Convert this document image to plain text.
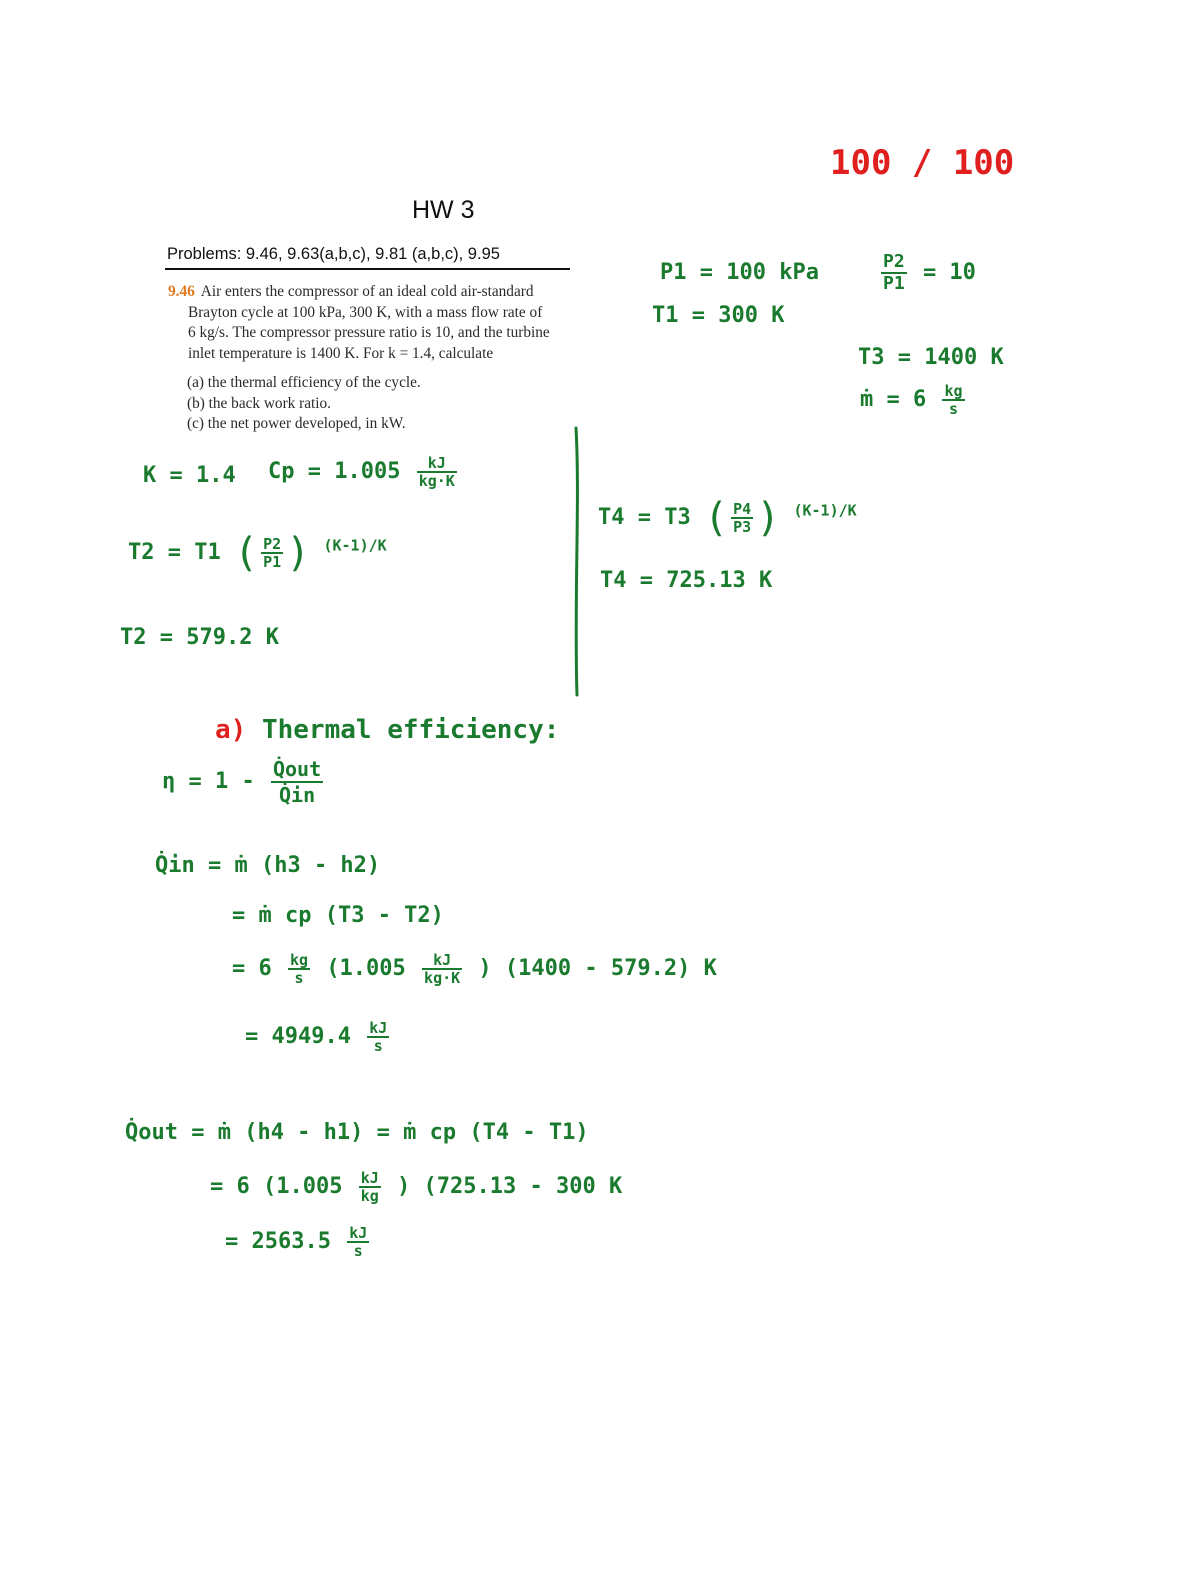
100 / 100
HW 3
Problems: 9.46, 9.63(a,b,c), 9.81 (a,b,c), 9.95
9.46 Air enters the compressor of an ideal cold air-standard
Brayton cycle at 100 kPa, 300 K, with a mass flow rate of
6 kg/s. The compressor pressure ratio is 10, and the turbine
inlet temperature is 1400 K. For k = 1.4, calculate
(a) the thermal efficiency of the cycle.
(b) the back work ratio.
(c) the net power developed, in kW.
P1 = 100 kPa
T1 = 300 K
$\frac{P2}{P1} = 10$
T3 = 1400 K
ṁ = $6 \frac{kg}{s}$
K = 1.4 $Cp = 1.005 \frac{kJ}{kg\cdot K}$
T2 = T1 ( $\frac{P2}{P1}$ ) $^{(K-1)/K}$
T2 = 579.2 K
T4 = T3 ( $\frac{P4}{P3}$ ) $^{(K-1)/K}$
T4 = 725.13 K
a) Thermal efficiency:
$\eta = 1 - \frac{\text{Q̇out}}{Q̇in}$
Q̇in = ṁ (h3 - h2)
= ṁ cp (T3 - T2)
= $6 \frac{kg}{s} (1.005 \frac{kJ}{kg\cdot K}$ ) (1400 - 579.2) K
= $4949.4 \frac{kJ}{s}$
Q̇out = ṁ (h4 - h1) = ṁ cp (T4 - T1)
= 6 ($1.005 \frac{kJ}{kg}$ ) (725.13 - 300 K
= $2563.5 \frac{kJ}{s}$
